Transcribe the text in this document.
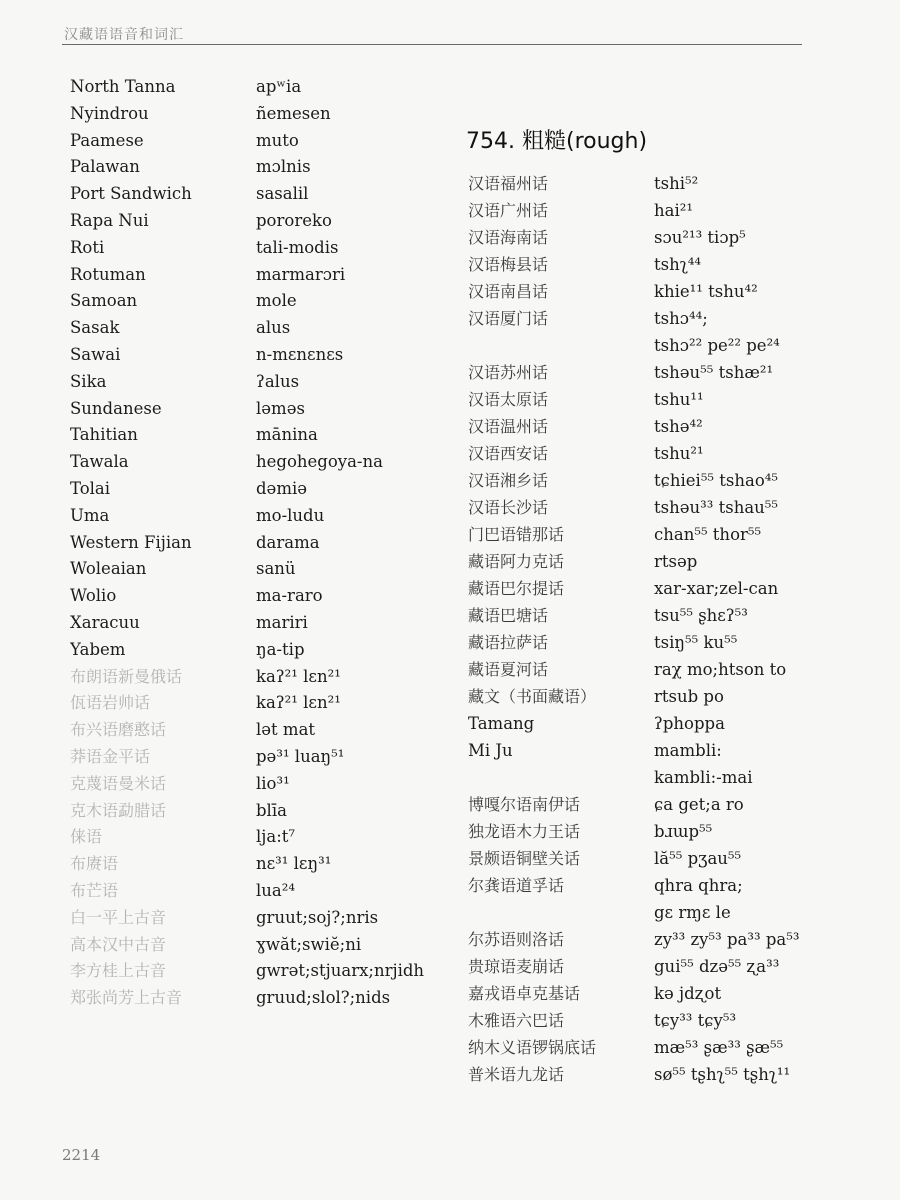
汉藏语语音和词汇
North Tanna	apʷia
Nyindrou	ñemesen
Paamese	muto
Palawan	mɔlnis
Port Sandwich	sasalil
Rapa Nui	pororeko
Roti	tali-modis
Rotuman	marmarɔri
Samoan	mole
Sasak	alus
Sawai	n-mɛnɛnɛs
Sika	ʔalus
Sundanese	ləməs
Tahitian	mānina
Tawala	hegohegoya-na
Tolai	dəmiə
Uma	mo-ludu
Western Fijian	darama
Woleaian	sanü
Wolio	ma-raro
Xaracuu	mariri
Yabem	ŋa-tip
布朗语新曼俄话	kaʔ²¹ lɛn²¹
佤语岩帅话	kaʔ²¹ lɛn²¹
布兴语磨憨话	lət mat
莽语金平话	pə³¹ luaŋ⁵¹
克蔑语曼米话	lio³¹
克木语勐腊话	blīa
俫语	lja:t⁷
布赓语	nɛ³¹ lɛŋ³¹
布芒语	lua²⁴
白一平上古音	gruut;soj?;nris
高本汉中古音	ɣwăt;swiĕ;ni
李方桂上古音	gwrət;stjuarx;nrjidh
郑张尚芳上古音	gruud;slol?;nids
754. 粗糙(rough)
汉语福州话	tshi⁵²
汉语广州话	hai²¹
汉语海南话	sɔu²¹³ tiɔp⁵
汉语梅县话	tshʅ⁴⁴
汉语南昌话	khie¹¹ tshu⁴²
汉语厦门话	tshɔ⁴⁴;
tshɔ²² pe²² pe²⁴
汉语苏州话	tshəu⁵⁵ tshæ²¹
汉语太原话	tshu¹¹
汉语温州话	tshə⁴²
汉语西安话	tshu²¹
汉语湘乡话	tɕhiei⁵⁵ tshao⁴⁵
汉语长沙话	tshəu³³ tshau⁵⁵
门巴语错那话	chan⁵⁵ thor⁵⁵
藏语阿力克话	rtsəp
藏语巴尔提话	xar-xar;zel-can
藏语巴塘话	tsu⁵⁵ ʂhɛʔ⁵³
藏语拉萨话	tsiŋ⁵⁵ ku⁵⁵
藏语夏河话	raχ mo;htson to
藏文（书面藏语）	rtsub po
Tamang	ʔphoppa
Mi Ju	mambli:
kambli:-mai
博嘎尔语南伊话	ɕa get;a ro
独龙语木力王话	bɹɯp⁵⁵
景颇语铜壁关话	lă⁵⁵ pʒau⁵⁵
尔龚语道孚话	qhra qhra;
gɛ rɱɛ le
尔苏语则洛话	zy³³ zy⁵³ pa³³ pa⁵³
贵琼语麦崩话	gui⁵⁵ dzə⁵⁵ ʐa³³
嘉戎语卓克基话	kə jdʐot
木雅语六巴话	tɕy³³ tɕy⁵³
纳木义语锣锅底话	mæ⁵³ ʂæ³³ ʂæ⁵⁵
普米语九龙话	sø⁵⁵ tʂhʅ⁵⁵ tʂhʅ¹¹
2214
